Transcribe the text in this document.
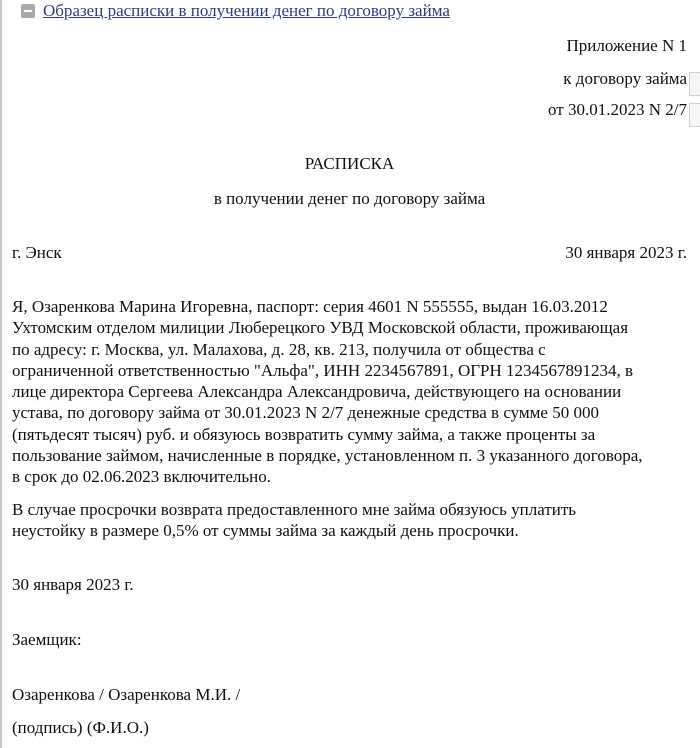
Образец расписки в получении денег по договору займа
Приложение N 1
к договору займа
от 30.01.2023 N 2/7
РАСПИСКА
в получении денег по договору займа
г. Энск	30 января 2023 г.
Я, Озаренкова Марина Игоревна, паспорт: серия 4601 N 555555, выдан 16.03.2012
Ухтомским отделом милиции Люберецкого УВД Московской области, проживающая
по адресу: г. Москва, ул. Малахова, д. 28, кв. 213, получила от общества с
ограниченной ответственностью "Альфа", ИНН 2234567891, ОГРН 1234567891234, в
лице директора Сергеева Александра Александровича, действующего на основании
устава, по договору займа от 30.01.2023 N 2/7 денежные средства в сумме 50 000
(пятьдесят тысяч) руб. и обязуюсь возвратить сумму займа, а также проценты за
пользование займом, начисленные в порядке, установленном п. 3 указанного договора,
в срок до 02.06.2023 включительно.
В случае просрочки возврата предоставленного мне займа обязуюсь уплатить
неустойку в размере 0,5% от суммы займа за каждый день просрочки.
30 января 2023 г.
Заемщик:
Озаренкова / Озаренкова М.И. /
(подпись) (Ф.И.О.)
